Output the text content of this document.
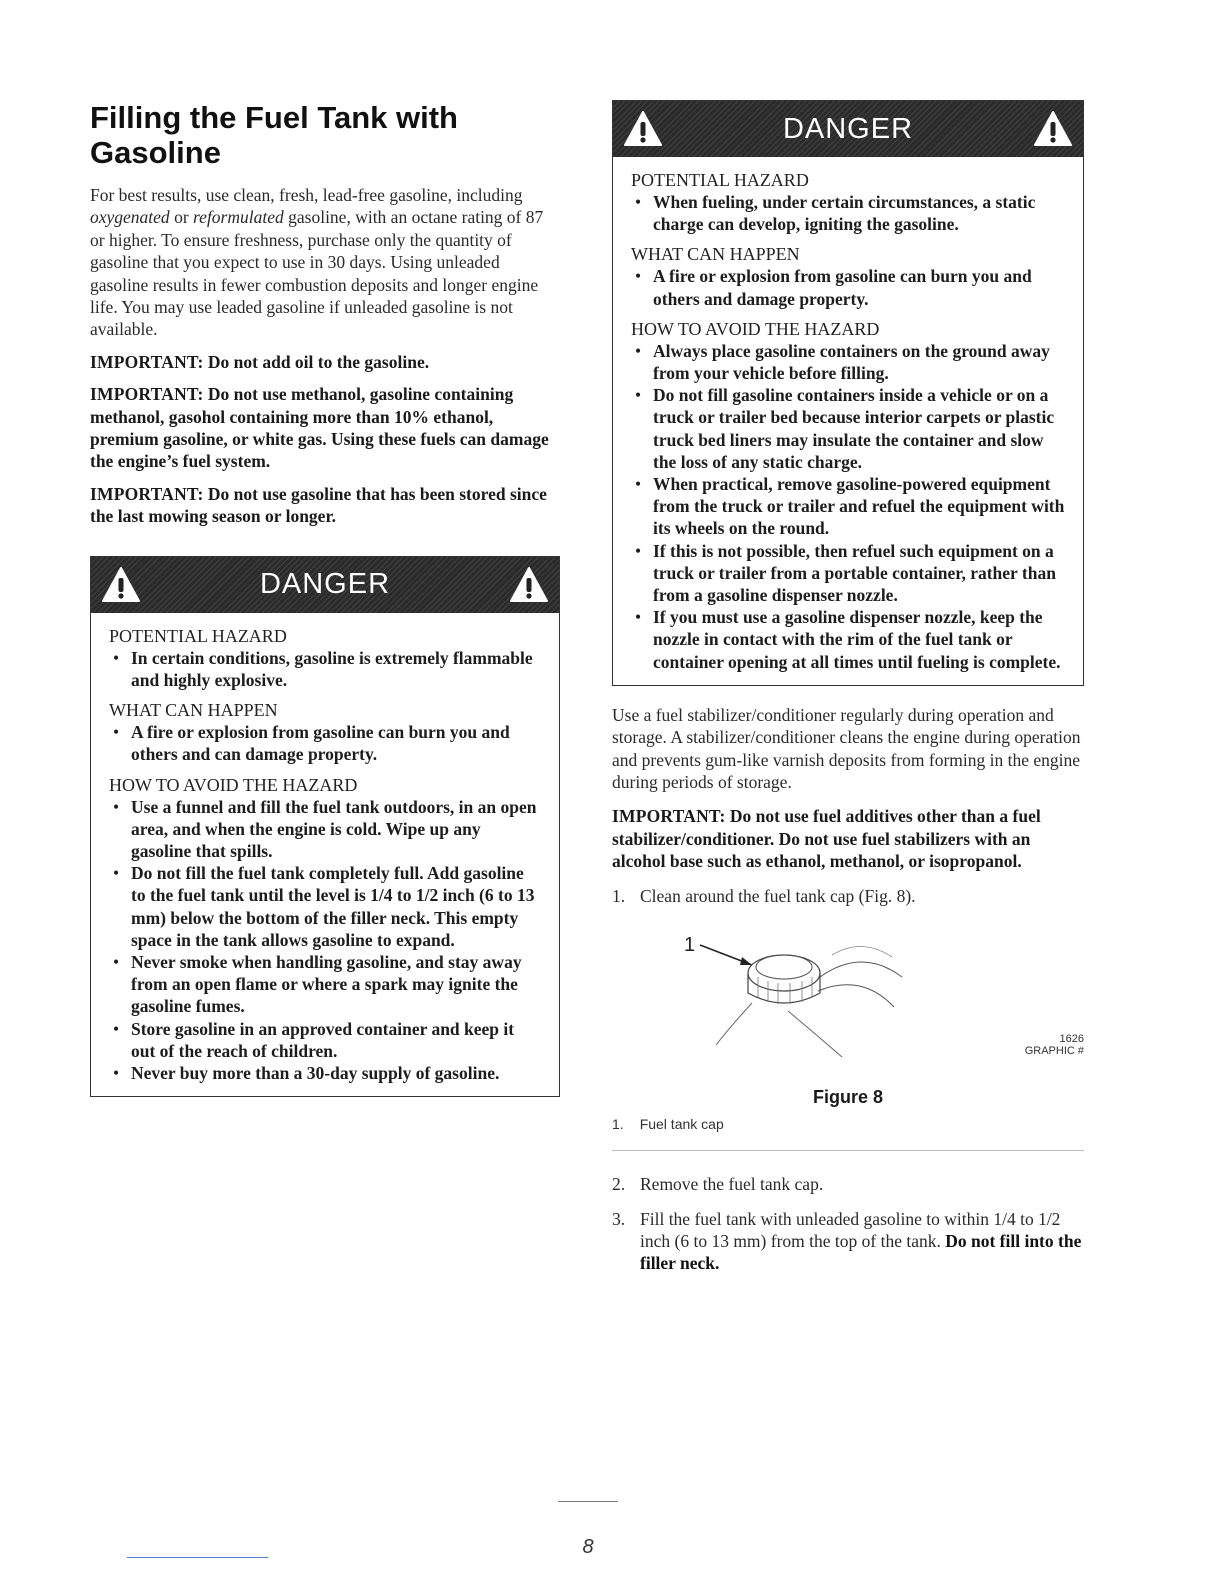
Filling the Fuel Tank with
Gasoline

For best results, use clean, fresh, lead-free gasoline, including oxygenated or reformulated gasoline, with an octane rating of 87 or higher. To ensure freshness, purchase only the quantity of gasoline that you expect to use in 30 days. Using unleaded gasoline results in fewer combustion deposits and longer engine life. You may use leaded gasoline if unleaded gasoline is not available.

IMPORTANT: Do not add oil to the gasoline.

IMPORTANT: Do not use methanol, gasoline containing methanol, gasohol containing more than 10% ethanol, premium gasoline, or white gas. Using these fuels can damage the engine’s fuel system.

IMPORTANT: Do not use gasoline that has been stored since the last mowing season or longer.

DANGER
POTENTIAL HAZARD
• In certain conditions, gasoline is extremely flammable and highly explosive.
WHAT CAN HAPPEN
• A fire or explosion from gasoline can burn you and others and can damage property.
HOW TO AVOID THE HAZARD
• Use a funnel and fill the fuel tank outdoors, in an open area, and when the engine is cold. Wipe up any gasoline that spills.
• Do not fill the fuel tank completely full. Add gasoline to the fuel tank until the level is 1/4 to 1/2 inch (6 to 13 mm) below the bottom of the filler neck. This empty space in the tank allows gasoline to expand.
• Never smoke when handling gasoline, and stay away from an open flame or where a spark may ignite the gasoline fumes.
• Store gasoline in an approved container and keep it out of the reach of children.
• Never buy more than a 30-day supply of gasoline.
DANGER
POTENTIAL HAZARD
• When fueling, under certain circumstances, a static charge can develop, igniting the gasoline.
WHAT CAN HAPPEN
• A fire or explosion from gasoline can burn you and others and damage property.
HOW TO AVOID THE HAZARD
• Always place gasoline containers on the ground away from your vehicle before filling.
• Do not fill gasoline containers inside a vehicle or on a truck or trailer bed because interior carpets or plastic truck bed liners may insulate the container and slow the loss of any static charge.
• When practical, remove gasoline-powered equipment from the truck or trailer and refuel the equipment with its wheels on the round.
• If this is not possible, then refuel such equipment on a truck or trailer from a portable container, rather than from a gasoline dispenser nozzle.
• If you must use a gasoline dispenser nozzle, keep the nozzle in contact with the rim of the fuel tank or container opening at all times until fueling is complete.

Use a fuel stabilizer/conditioner regularly during operation and storage. A stabilizer/conditioner cleans the engine during operation and prevents gum-like varnish deposits from forming in the engine during periods of storage.

IMPORTANT: Do not use fuel additives other than a fuel stabilizer/conditioner. Do not use fuel stabilizers with an alcohol base such as ethanol, methanol, or isopropanol.

1. Clean around the fuel tank cap (Fig. 8).
1
1626
GRAPHIC #
Figure 8
1. Fuel tank cap
2. Remove the fuel tank cap.
3. Fill the fuel tank with unleaded gasoline to within 1/4 to 1/2 inch (6 to 13 mm) from the top of the tank. Do not fill into the filler neck.
8
